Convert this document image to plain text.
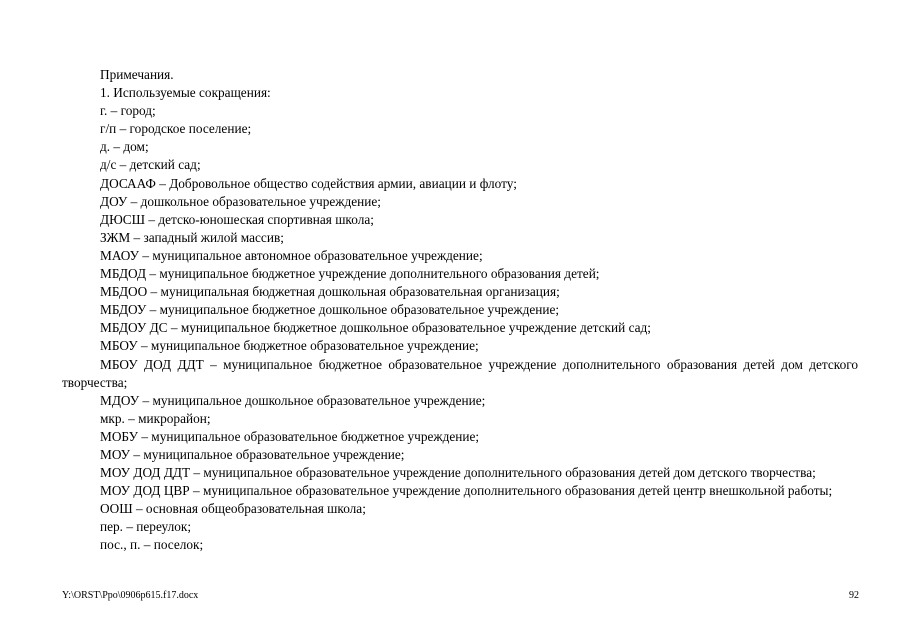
Примечания.
1. Используемые сокращения:
г. – город;
г/п – городское поселение;
д. – дом;
д/с – детский сад;
ДОСААФ – Добровольное общество содействия армии, авиации и флоту;
ДОУ – дошкольное образовательное учреждение;
ДЮСШ – детско-юношеская спортивная школа;
ЗЖМ – западный жилой массив;
МАОУ – муниципальное автономное образовательное учреждение;
МБДОД – муниципальное бюджетное учреждение дополнительного образования детей;
МБДОО – муниципальная бюджетная дошкольная образовательная организация;
МБДОУ – муниципальное бюджетное дошкольное образовательное учреждение;
МБДОУ ДС – муниципальное бюджетное дошкольное образовательное учреждение детский сад;
МБОУ – муниципальное бюджетное образовательное учреждение;
МБОУ ДОД ДДТ – муниципальное бюджетное образовательное учреждение дополнительного образования детей дом детского творчества;
МДОУ – муниципальное дошкольное образовательное учреждение;
мкр. – микрорайон;
МОБУ – муниципальное образовательное бюджетное учреждение;
МОУ – муниципальное образовательное учреждение;
МОУ ДОД ДДТ – муниципальное образовательное учреждение дополнительного образования детей дом детского творчества;
МОУ ДОД ЦВР – муниципальное образовательное учреждение дополнительного образования детей центр внешкольной работы;
ООШ – основная общеобразовательная школа;
пер. – переулок;
пос., п. – поселок;
Y:\ORST\Ppo\0906p615.f17.docx	92
